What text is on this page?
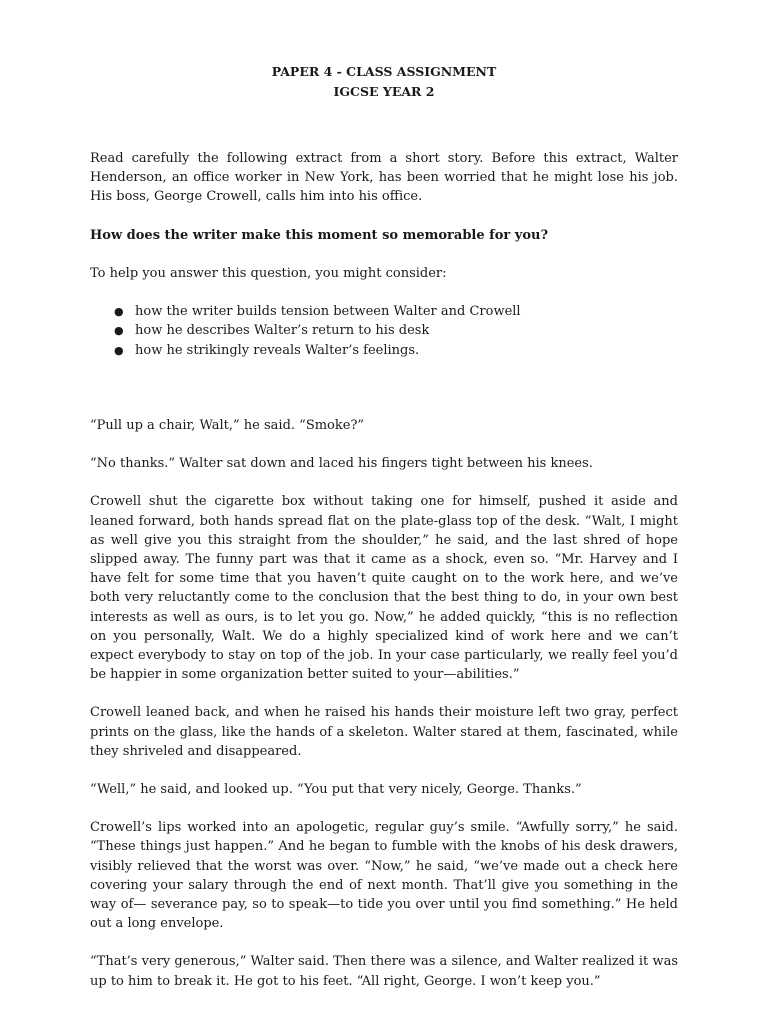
PAPER 4 - CLASS ASSIGNMENT

IGCSE YEAR 2

Read carefully the following extract from a short story. Before this extract, Walter Henderson, an office worker in New York, has been worried that he might lose his job. His boss, George Crowell, calls him into his office.

How does the writer make this moment so memorable for you?

To help you answer this question, you might consider:

● how the writer builds tension between Walter and Crowell
● how he describes Walter’s return to his desk
● how he strikingly reveals Walter’s feelings.

“Pull up a chair, Walt,” he said. “Smoke?”

“No thanks.” Walter sat down and laced his fingers tight between his knees.

Crowell shut the cigarette box without taking one for himself, pushed it aside and leaned forward, both hands spread flat on the plate-glass top of the desk. “Walt, I might as well give you this straight from the shoulder,” he said, and the last shred of hope slipped away. The funny part was that it came as a shock, even so. “Mr. Harvey and I have felt for some time that you haven’t quite caught on to the work here, and we’ve both very reluctantly come to the conclusion that the best thing to do, in your own best interests as well as ours, is to let you go. Now,” he added quickly, “this is no reflection on you personally, Walt. We do a highly specialized kind of work here and we can’t expect everybody to stay on top of the job. In your case particularly, we really feel you’d be happier in some organization better suited to your—abilities.”

Crowell leaned back, and when he raised his hands their moisture left two gray, perfect prints on the glass, like the hands of a skeleton. Walter stared at them, fascinated, while they shriveled and disappeared.

“Well,” he said, and looked up. “You put that very nicely, George. Thanks.”

Crowell’s lips worked into an apologetic, regular guy’s smile. “Awfully sorry,” he said. “These things just happen.” And he began to fumble with the knobs of his desk drawers, visibly relieved that the worst was over. “Now,” he said, “we’ve made out a check here covering your salary through the end of next month. That’ll give you something in the way of— severance pay, so to speak—to tide you over until you find something.” He held out a long envelope.

“That’s very generous,” Walter said. Then there was a silence, and Walter realized it was up to him to break it. He got to his feet. “All right, George. I won’t keep you.”
